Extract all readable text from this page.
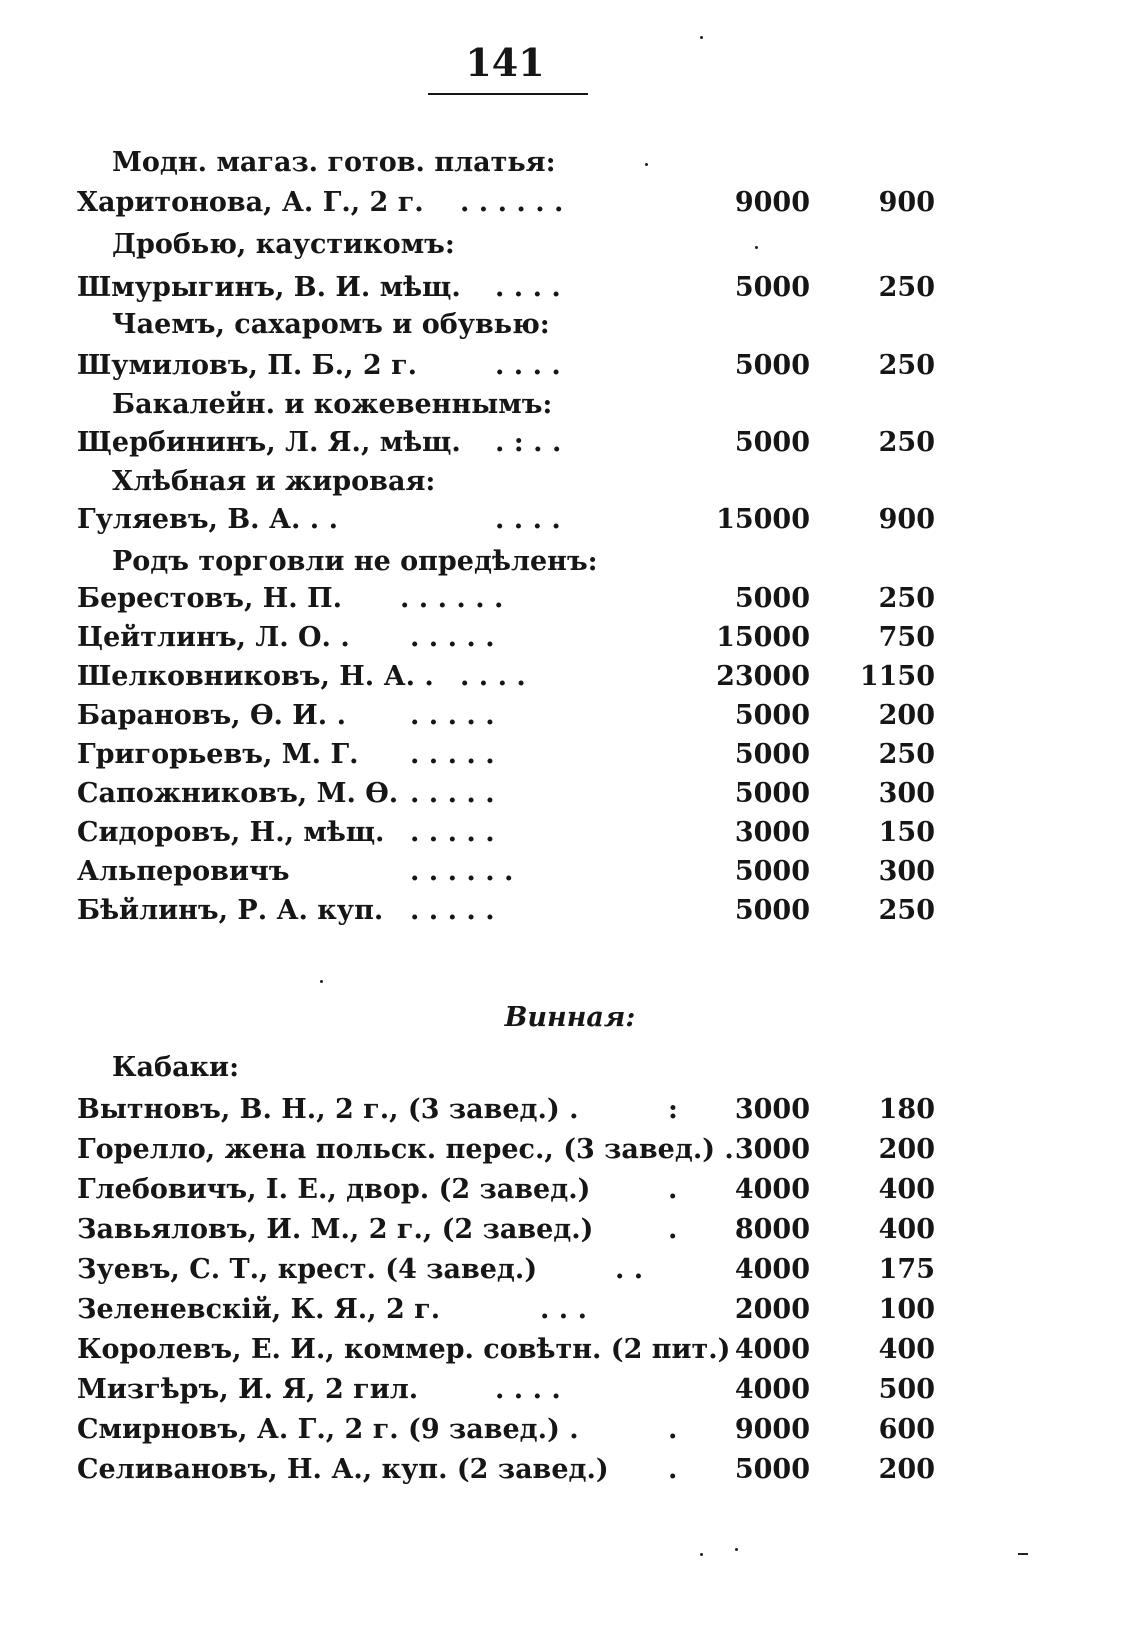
141
Модн. магаз. готов. платья:
Харитонова, А. Г., 2 г. . . . . . .	9000	900
Дробью, каустикомъ:
Шмурыгинъ, В. И. мѣщ. . . . .	5000	250
Чаемъ, сахаромъ и обувью:
Шумиловъ, П. Б., 2 г.	. . . .	5000	250
Бакалейн. и кожевеннымъ:
Щербининъ, Л. Я., мѣщ. . : . .	5000	250
Хлѣбная и жировая:
Гуляевъ, В. А. . .	. . . .	15000	900
Родъ торговли не опредѣленъ:
Берестовъ, Н. П. . . . . . .	5000	250
Цейтлинъ, Л. О. . . . . . .	15000	750
Шелковниковъ, Н. А. . . . . .	23000	1150
Барановъ, Ѳ. И. . . . . . .	5000	200
Григорьевъ, М. Г. . . . . .	5000	250
Сапожниковъ, М. Ѳ. . . . . .	5000	300
Сидоровъ, Н., мѣщ. . . . . .	3000	150
Альперовичъ	. . . . . .	5000	300
Бѣйлинъ, Р. А. куп. . . . . .	5000	250
Винная:
Кабаки:
Вытновъ, В. Н., 2 г., (3 завед.) .	:	3000	180
Горелло, жена польск. перес., (3 завед.) . 3000	200
Глебовичъ, І. Е., двор. (2 завед.)	.	4000	400
Завьяловъ, И. М., 2 г., (2 завед.)	.	8000	400
Зуевъ, С. Т., крест. (4 завед.)	. .	4000	175
Зеленевскій, К. Я., 2 г.	. . .	2000	100
Королевъ, Е. И., коммер. совѣтн. (2 пит.) 4000	400
Мизгѣръ, И. Я, 2 гил.	. . . .	4000	500
Смирновъ, А. Г., 2 г. (9 завед.) .	.	9000	600
Селивановъ, Н. А., куп. (2 завед.) .	5000	200
